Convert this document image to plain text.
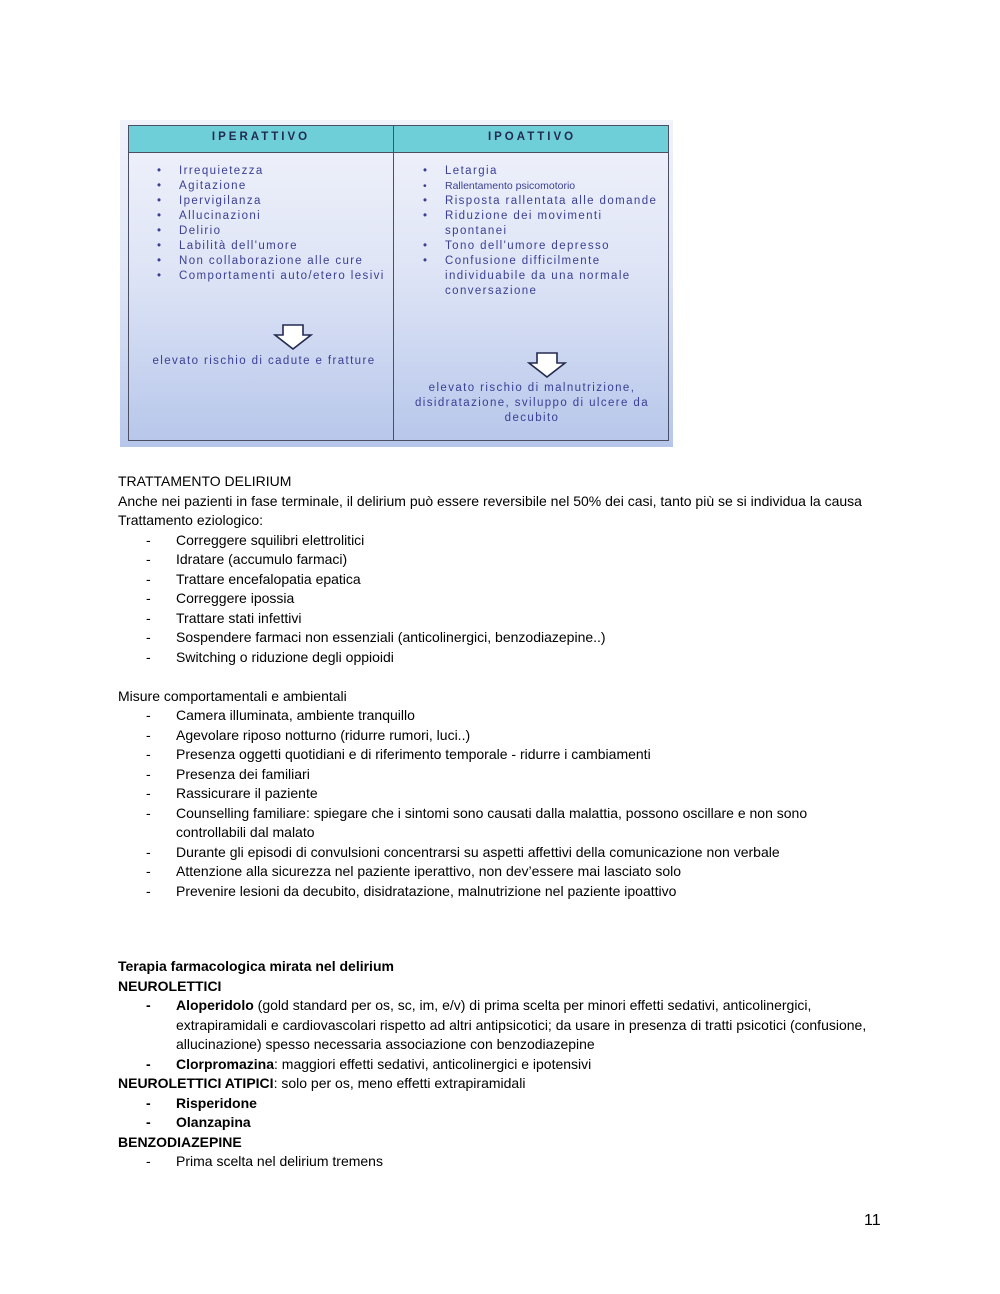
IPERATTIVO	IPOATTIVO
• Irrequietezza
• Agitazione
• Ipervigilanza
• Allucinazioni
• Delirio
• Labilità dell'umore
• Non collaborazione alle cure
• Comportamenti auto/etero lesivi
• Letargia
• Rallentamento psicomotorio
• Risposta rallentata alle domande
• Riduzione dei movimenti spontanei
• Tono dell'umore depresso
• Confusione difficilmente individuabile da una normale conversazione
elevato rischio di cadute e fratture
elevato rischio di malnutrizione, disidratazione, sviluppo di ulcere da decubito
TRATTAMENTO DELIRIUM
Anche nei pazienti in fase terminale, il delirium può essere reversibile nel 50% dei casi, tanto più se si individua la causa
Trattamento eziologico:
- Correggere squilibri elettrolitici
- Idratare (accumulo farmaci)
- Trattare encefalopatia epatica
- Correggere ipossia
- Trattare stati infettivi
- Sospendere farmaci non essenziali (anticolinergici, benzodiazepine..)
- Switching o riduzione degli oppioidi
Misure comportamentali e ambientali
- Camera illuminata, ambiente tranquillo
- Agevolare riposo notturno (ridurre rumori, luci..)
- Presenza oggetti quotidiani e di riferimento temporale - ridurre i cambiamenti
- Presenza dei familiari
- Rassicurare il paziente
- Counselling familiare: spiegare che i sintomi sono causati dalla malattia, possono oscillare e non sono controllabili dal malato
- Durante gli episodi di convulsioni concentrarsi su aspetti affettivi della comunicazione non verbale
- Attenzione alla sicurezza nel paziente iperattivo, non dev’essere mai lasciato solo
- Prevenire lesioni da decubito, disidratazione, malnutrizione nel paziente ipoattivo
Terapia farmacologica mirata nel delirium
NEUROLETTICI
- Aloperidolo (gold standard per os, sc, im, e/v) di prima scelta per minori effetti sedativi, anticolinergici, extrapiramidali e cardiovascolari rispetto ad altri antipsicotici; da usare in presenza di tratti psicotici (confusione, allucinazione) spesso necessaria associazione con benzodiazepine
- Clorpromazina: maggiori effetti sedativi, anticolinergici e ipotensivi
NEUROLETTICI ATIPICI: solo per os, meno effetti extrapiramidali
- Risperidone
- Olanzapina
BENZODIAZEPINE
- Prima scelta nel delirium tremens
11
